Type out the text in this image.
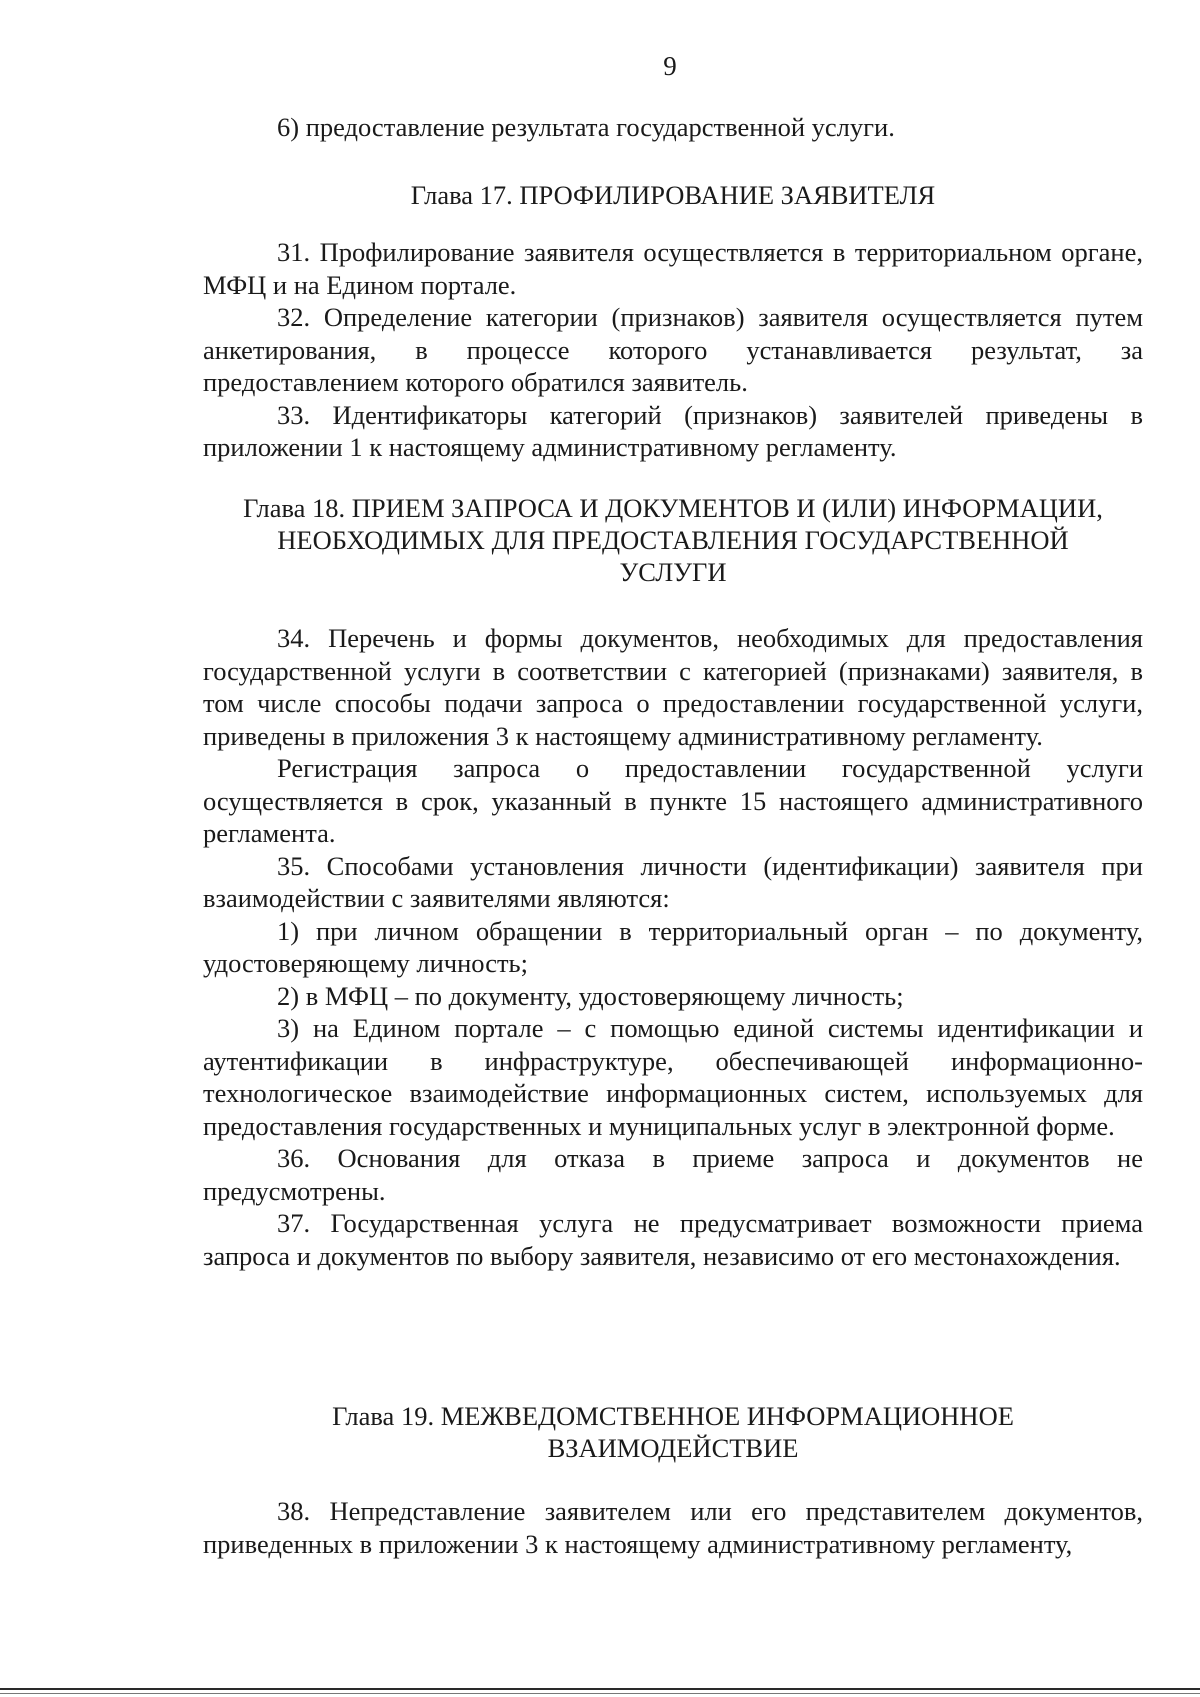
9

6) предоставление результата государственной услуги.

Глава 17. ПРОФИЛИРОВАНИЕ ЗАЯВИТЕЛЯ

31. Профилирование заявителя осуществляется в территориальном органе, МФЦ и на Едином портале.

32. Определение категории (признаков) заявителя осуществляется путем анкетирования, в процессе которого устанавливается результат, за предоставлением которого обратился заявитель.

33. Идентификаторы категорий (признаков) заявителей приведены в приложении 1 к настоящему административному регламенту.

Глава 18. ПРИЕМ ЗАПРОСА И ДОКУМЕНТОВ И (ИЛИ) ИНФОРМАЦИИ,
НЕОБХОДИМЫХ ДЛЯ ПРЕДОСТАВЛЕНИЯ ГОСУДАРСТВЕННОЙ
УСЛУГИ

34. Перечень и формы документов, необходимых для предоставления государственной услуги в соответствии с категорией (признаками) заявителя, в том числе способы подачи запроса о предоставлении государственной услуги, приведены в приложения 3 к настоящему административному регламенту.

Регистрация запроса о предоставлении государственной услуги осуществляется в срок, указанный в пункте 15 настоящего административного регламента.

35. Способами установления личности (идентификации) заявителя при взаимодействии с заявителями являются:

1) при личном обращении в территориальный орган – по документу, удостоверяющему личность;

2) в МФЦ – по документу, удостоверяющему личность;

3) на Едином портале – с помощью единой системы идентификации и аутентификации в инфраструктуре, обеспечивающей информационно-технологическое взаимодействие информационных систем, используемых для предоставления государственных и муниципальных услуг в электронной форме.

36. Основания для отказа в приеме запроса и документов не предусмотрены.

37. Государственная услуга не предусматривает возможности приема запроса и документов по выбору заявителя, независимо от его местонахождения.

Глава 19. МЕЖВЕДОМСТВЕННОЕ ИНФОРМАЦИОННОЕ
ВЗАИМОДЕЙСТВИЕ

38. Непредставление заявителем или его представителем документов, приведенных в приложении 3 к настоящему административному регламенту,
